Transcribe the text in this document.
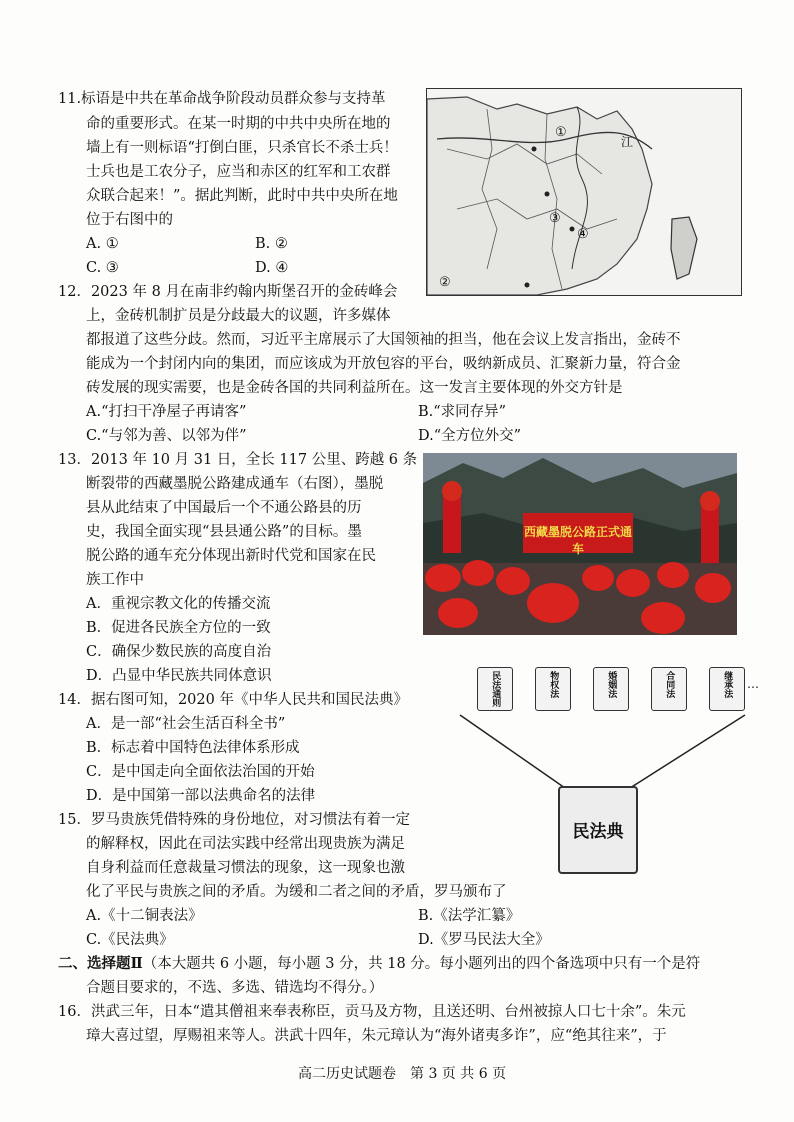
11.标语是中共在革命战争阶段动员群众参与支持革
命的重要形式。在某一时期的中共中央所在地的
墙上有一则标语“打倒白匪，只杀官长不杀士兵！
士兵也是工农分子，应当和赤区的红军和工农群
众联合起来！”。据此判断，此时中共中央所在地
位于右图中的
A. ①	B. ②
C. ③	D. ④
①
②
③
④
江
12．2023 年 8 月在南非约翰内斯堡召开的金砖峰会
上，金砖机制扩员是分歧最大的议题，许多媒体
都报道了这些分歧。然而，习近平主席展示了大国领袖的担当，他在会议上发言指出，金砖不
能成为一个封闭内向的集团，而应该成为开放包容的平台，吸纳新成员、汇聚新力量，符合金
砖发展的现实需要，也是金砖各国的共同利益所在。这一发言主要体现的外交方针是
A.“打扫干净屋子再请客”	B.“求同存异”
C.“与邻为善、以邻为伴”	D.“全方位外交”
13．2013 年 10 月 31 日，全长 117 公里、跨越 6 条
断裂带的西藏墨脱公路建成通车（右图），墨脱
县从此结束了中国最后一个不通公路县的历
史，我国全面实现“县县通公路”的目标。墨
脱公路的通车充分体现出新时代党和国家在民
族工作中
A．重视宗教文化的传播交流
B．促进各民族全方位的一致
C．确保少数民族的高度自治
D．凸显中华民族共同体意识
西藏墨脱公路正式通车
14．据右图可知，2020 年《中华人民共和国民法典》
A．是一部“社会生活百科全书”
B．标志着中国特色法律体系形成
C．是中国走向全面依法治国的开始
D．是中国第一部以法典命名的法律
民法通则	物权法	婚姻法	合同法	继承法	…
民法典
15．罗马贵族凭借特殊的身份地位，对习惯法有着一定
的解释权，因此在司法实践中经常出现贵族为满足
自身利益而任意裁量习惯法的现象，这一现象也激
化了平民与贵族之间的矛盾。为缓和二者之间的矛盾，罗马颁布了
A.《十二铜表法》	B.《法学汇纂》
C.《民法典》	D.《罗马民法大全》
二、选择题Ⅱ（本大题共 6 小题，每小题 3 分，共 18 分。每小题列出的四个备选项中只有一个是符
合题目要求的，不选、多选、错选均不得分。）
16．洪武三年，日本“遣其僧祖来奉表称臣，贡马及方物，且送还明、台州被掠人口七十余”。朱元
璋大喜过望，厚赐祖来等人。洪武十四年，朱元璋认为“海外诸夷多诈”，应“绝其往来”，于
高二历史试题卷　第 3 页 共 6 页
